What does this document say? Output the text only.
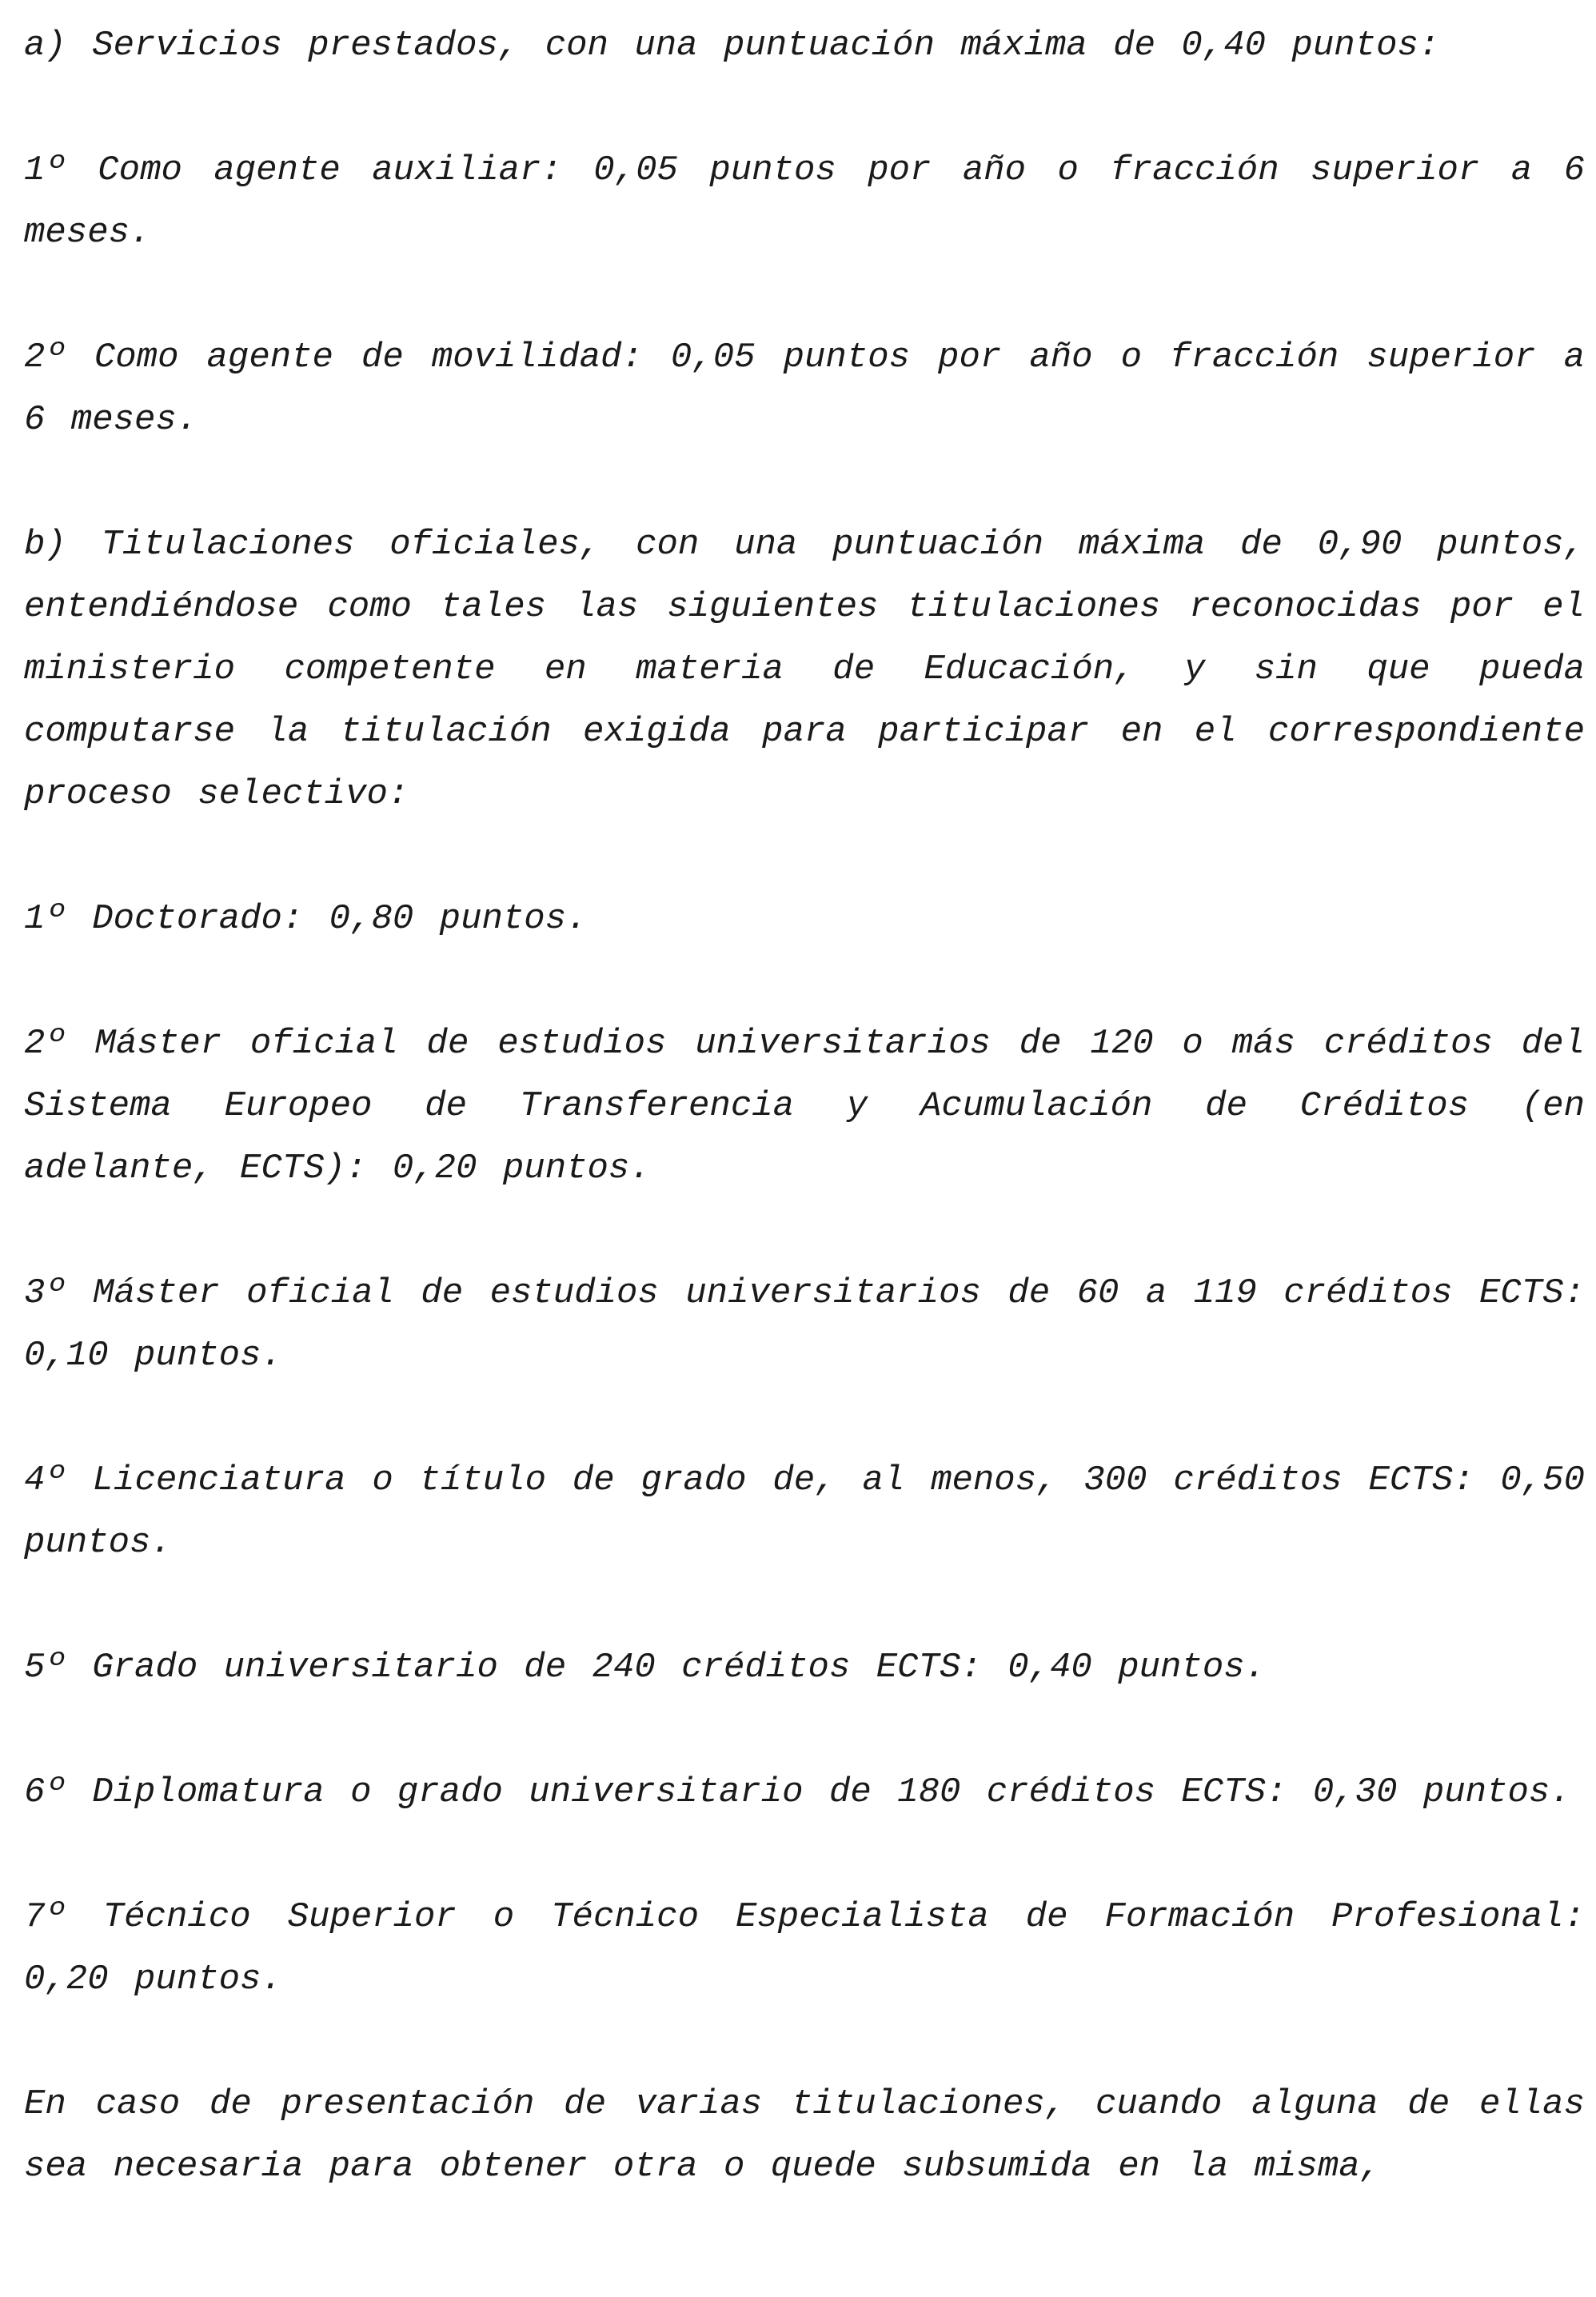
a) Servicios prestados, con una puntuación máxima de 0,40 puntos:

1º Como agente auxiliar: 0,05 puntos por año o fracción superior a 6 meses.

2º Como agente de movilidad: 0,05 puntos por año o fracción superior a 6 meses.

b) Titulaciones oficiales, con una puntuación máxima de 0,90 puntos, entendiéndose como tales las siguientes titulaciones reconocidas por el ministerio competente en materia de Educación, y sin que pueda computarse la titulación exigida para participar en el correspondiente proceso selectivo:

1º Doctorado: 0,80 puntos.

2º Máster oficial de estudios universitarios de 120 o más créditos del Sistema Europeo de Transferencia y Acumulación de Créditos (en adelante, ECTS): 0,20 puntos.

3º Máster oficial de estudios universitarios de 60 a 119 créditos ECTS: 0,10 puntos.

4º Licenciatura o título de grado de, al menos, 300 créditos ECTS: 0,50 puntos.

5º Grado universitario de 240 créditos ECTS: 0,40 puntos.

6º Diplomatura o grado universitario de 180 créditos ECTS: 0,30 puntos.

7º Técnico Superior o Técnico Especialista de Formación Profesional: 0,20 puntos.

En caso de presentación de varias titulaciones, cuando alguna de ellas sea necesaria para obtener otra o quede subsumida en la misma,
